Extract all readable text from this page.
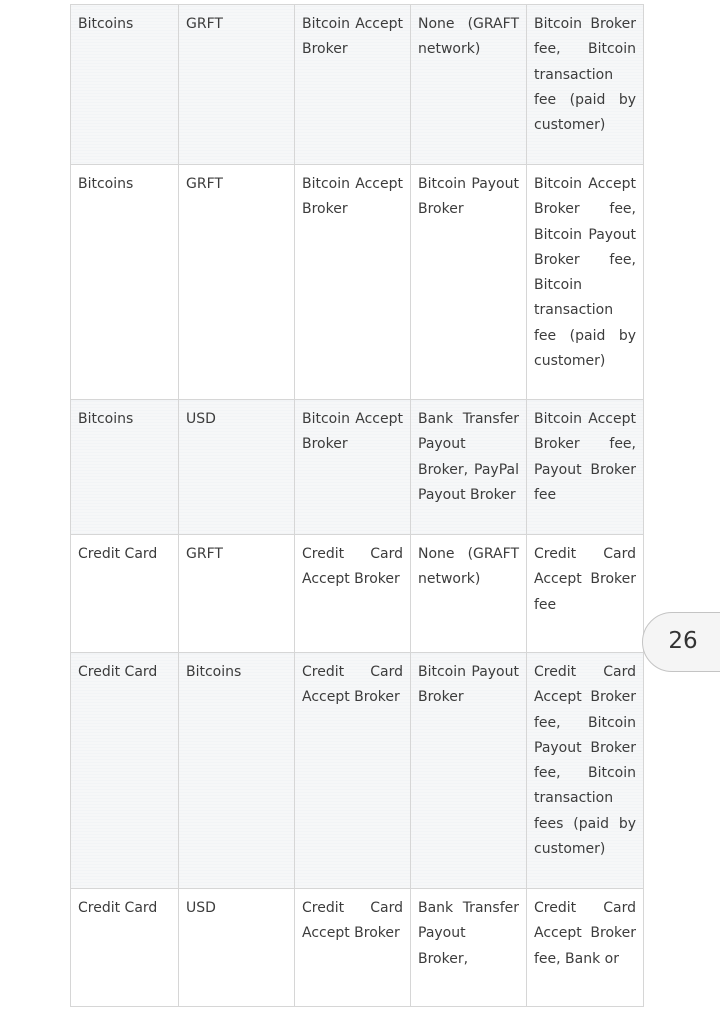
Bitcoins	GRFT	Bitcoin Accept Broker	None (GRAFT network)	Bitcoin Broker fee, Bitcoin transaction fee (paid by customer)
Bitcoins	GRFT	Bitcoin Accept Broker	Bitcoin Payout Broker	Bitcoin Accept Broker fee, Bitcoin Payout Broker fee, Bitcoin transaction fee (paid by customer)
Bitcoins	USD	Bitcoin Accept Broker	Bank Transfer Payout Broker, PayPal Payout Broker	Bitcoin Accept Broker fee, Payout Broker fee
Credit Card	GRFT	Credit Card Accept Broker	None (GRAFT network)	Credit Card Accept Broker fee
Credit Card	Bitcoins	Credit Card Accept Broker	Bitcoin Payout Broker	Credit Card Accept Broker fee, Bitcoin Payout Broker fee, Bitcoin transaction fees (paid by customer)
Credit Card	USD	Credit Card Accept Broker	Bank Transfer Payout Broker,	Credit Card Accept Broker fee, Bank or
26
